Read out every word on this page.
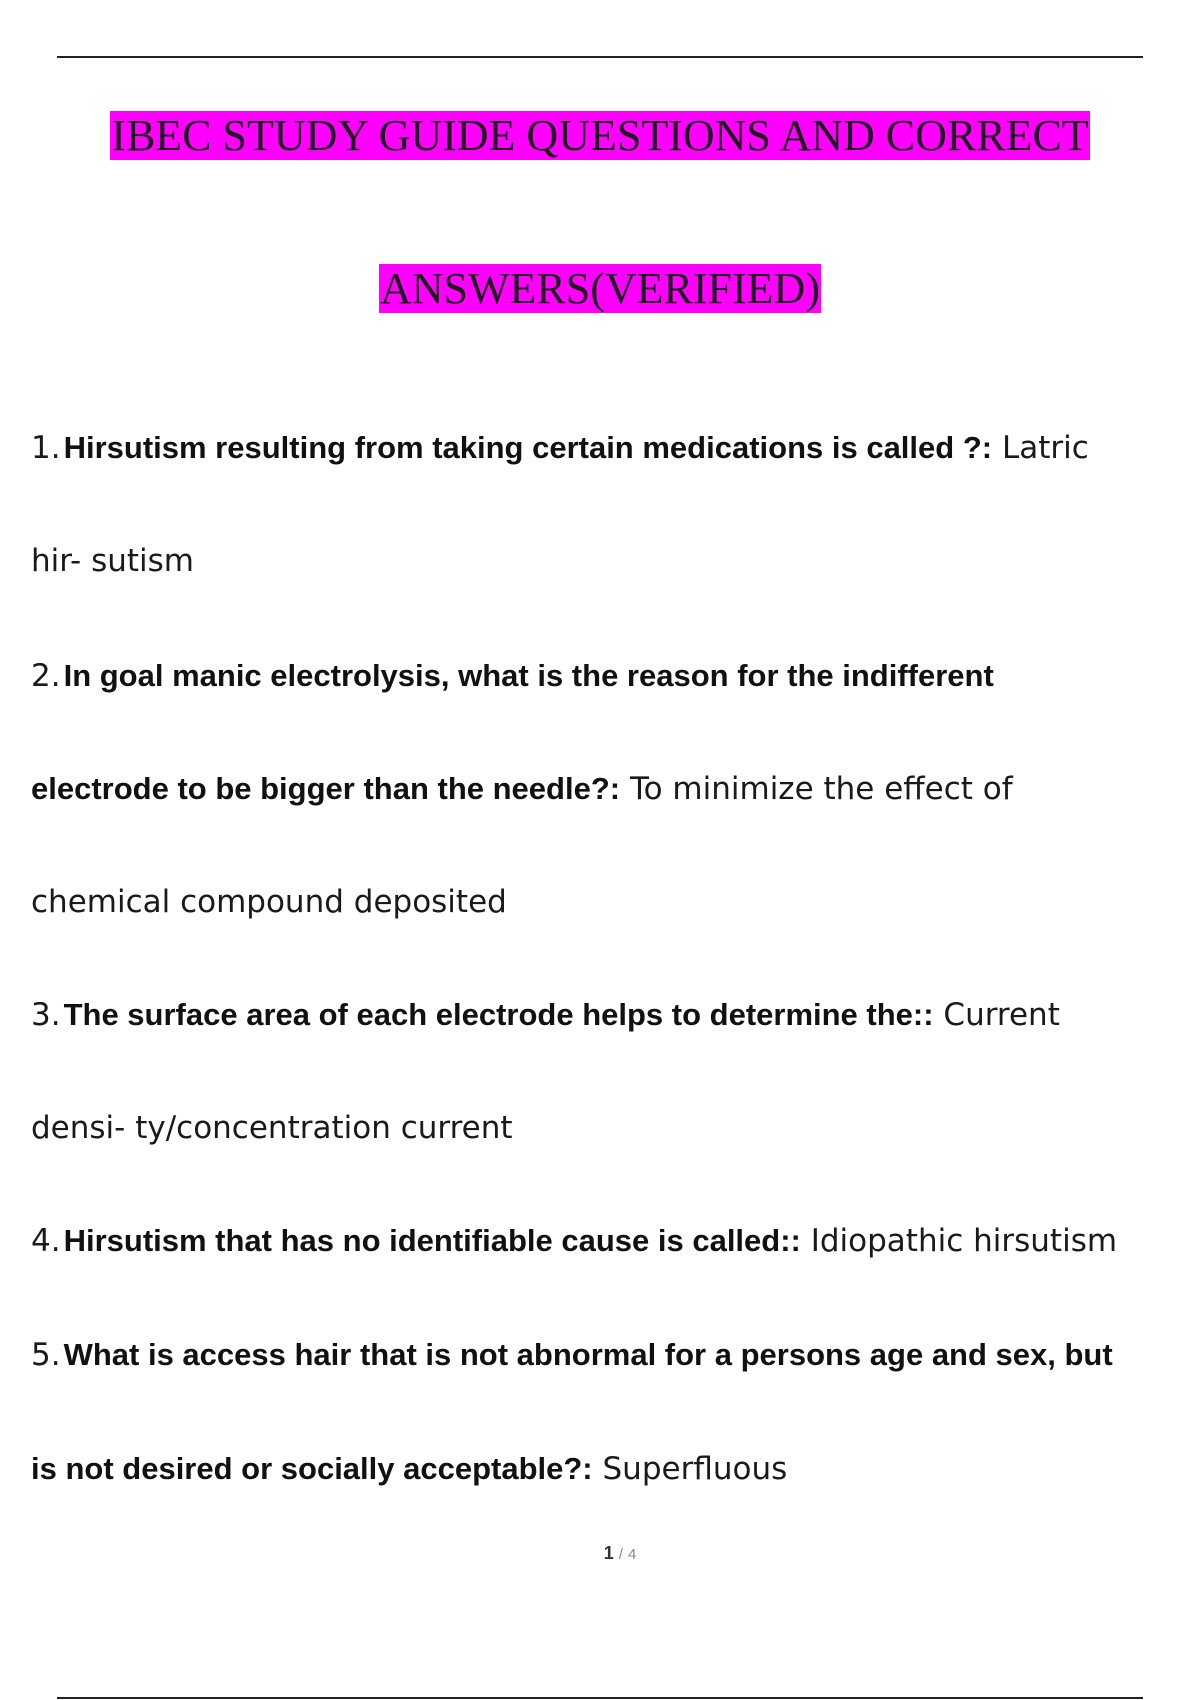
IBEC STUDY GUIDE QUESTIONS AND CORRECT
ANSWERS(VERIFIED)
1.Hirsutism resulting from taking certain medications is called ?: Latric
hir- sutism
2.In goal manic electrolysis, what is the reason for the indifferent
electrode to be bigger than the needle?: To minimize the effect of
chemical compound deposited
3.The surface area of each electrode helps to determine the:: Current
densi- ty/concentration current
4.Hirsutism that has no identifiable cause is called:: Idiopathic hirsutism
5.What is access hair that is not abnormal for a persons age and sex, but
is not desired or socially acceptable?: Superfluous
1 / 4
